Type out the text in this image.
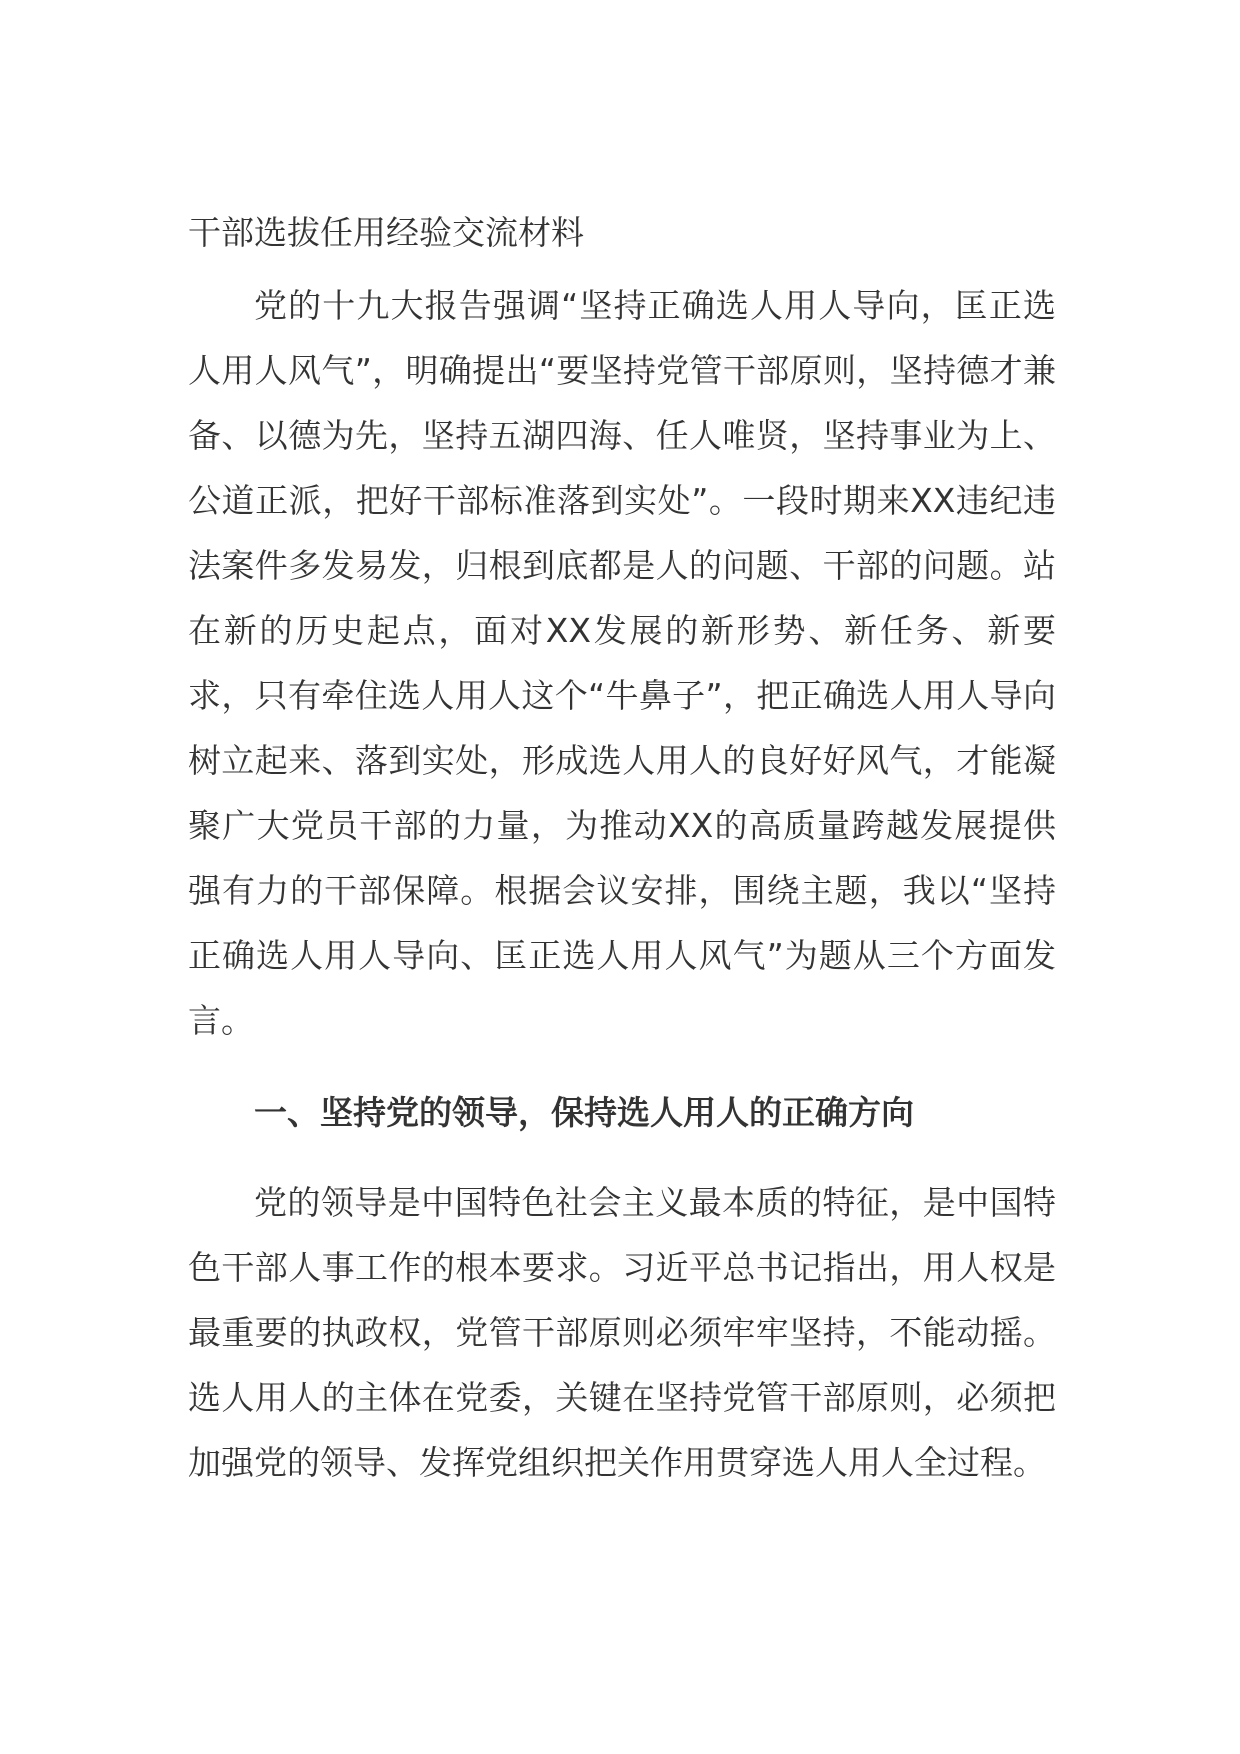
干部选拔任用经验交流材料

党的十九大报告强调“坚持正确选人用人导向，匡正选人用人风气”，明确提出“要坚持党管干部原则，坚持德才兼备、以德为先，坚持五湖四海、任人唯贤，坚持事业为上、公道正派，把好干部标准落到实处”。一段时期来XX违纪违法案件多发易发，归根到底都是人的问题、干部的问题。站在新的历史起点，面对XX发展的新形势、新任务、新要求，只有牵住选人用人这个“牛鼻子”，把正确选人用人导向树立起来、落到实处，形成选人用人的良好好风气，才能凝聚广大党员干部的力量，为推动XX的高质量跨越发展提供强有力的干部保障。根据会议安排，围绕主题，我以“坚持正确选人用人导向、匡正选人用人风气”为题从三个方面发言。

一、坚持党的领导，保持选人用人的正确方向

党的领导是中国特色社会主义最本质的特征，是中国特色干部人事工作的根本要求。习近平总书记指出，用人权是最重要的执政权，党管干部原则必须牢牢坚持，不能动摇。选人用人的主体在党委，关键在坚持党管干部原则，必须把加强党的领导、发挥党组织把关作用贯穿选人用人全过程。
